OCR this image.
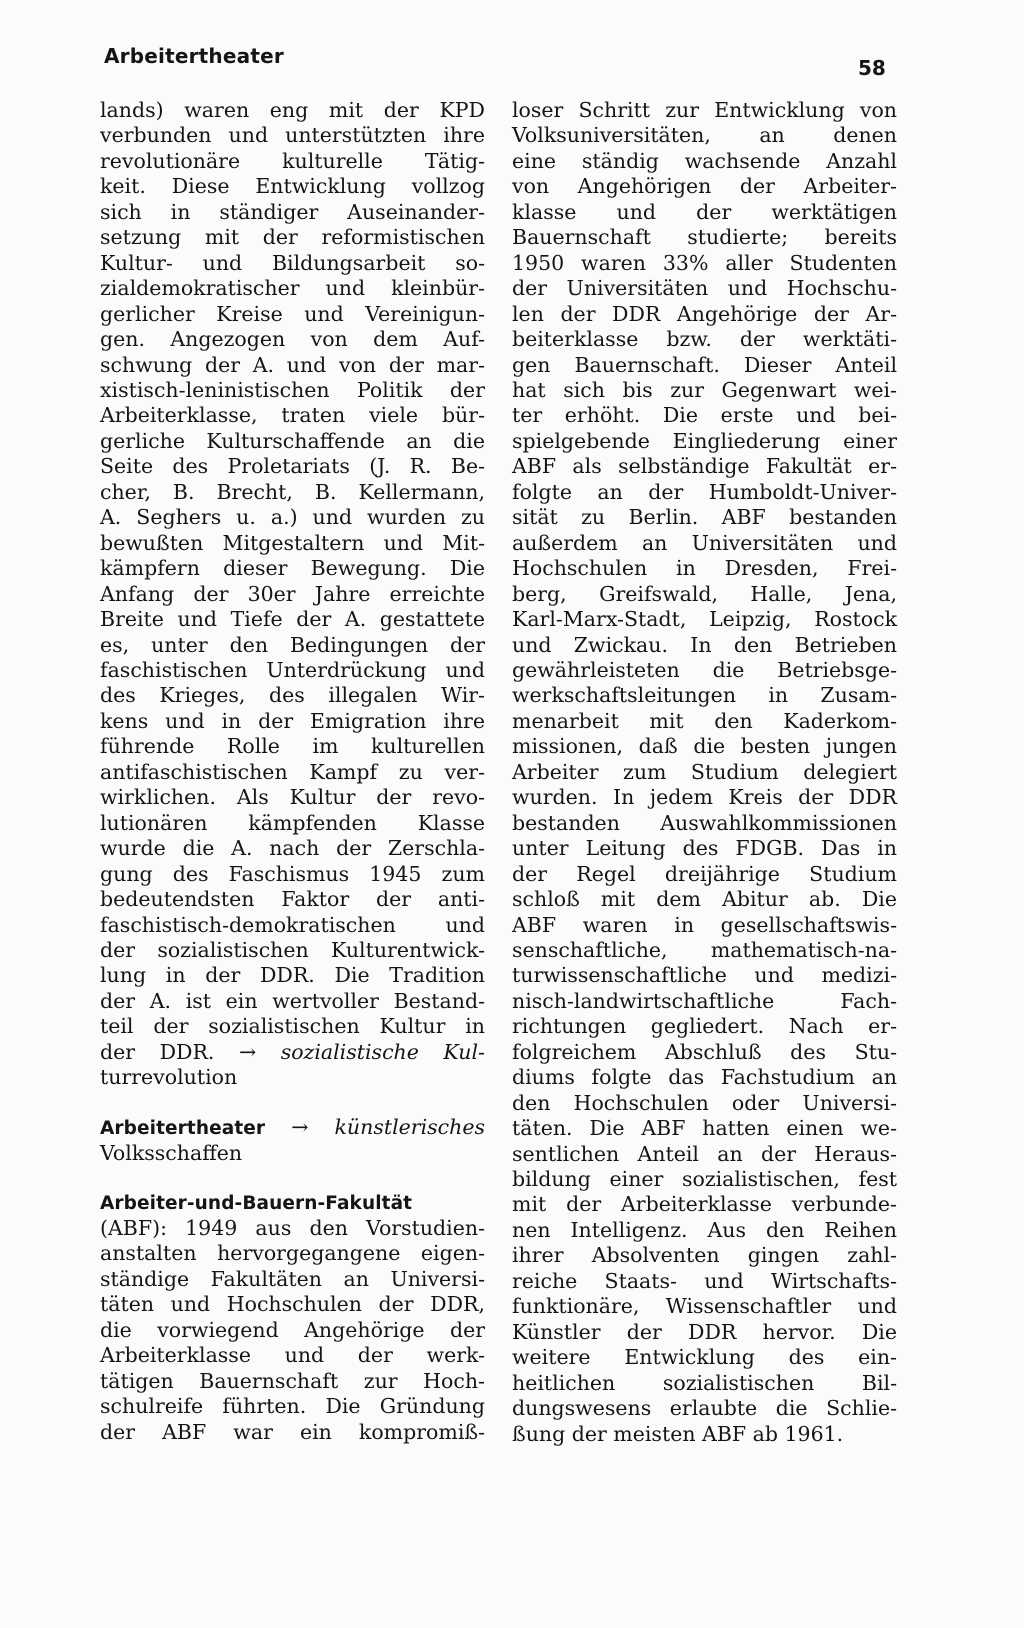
Arbeitertheater	58
lands) waren eng mit der KPD
verbunden und unterstützten ihre
revolutionäre kulturelle Tätig-
keit. Diese Entwicklung vollzog
sich in ständiger Auseinander-
setzung mit der reformistischen
Kultur- und Bildungsarbeit so-
zialdemokratischer und kleinbür-
gerlicher Kreise und Vereinigun-
gen. Angezogen von dem Auf-
schwung der A. und von der mar-
xistisch-leninistischen Politik der
Arbeiterklasse, traten viele bür-
gerliche Kulturschaffende an die
Seite des Proletariats (J. R. Be-
cher, B. Brecht, B. Kellermann,
A. Seghers u. a.) und wurden zu
bewußten Mitgestaltern und Mit-
kämpfern dieser Bewegung. Die
Anfang der 30er Jahre erreichte
Breite und Tiefe der A. gestattete
es, unter den Bedingungen der
faschistischen Unterdrückung und
des Krieges, des illegalen Wir-
kens und in der Emigration ihre
führende Rolle im kulturellen
antifaschistischen Kampf zu ver-
wirklichen. Als Kultur der revo-
lutionären kämpfenden Klasse
wurde die A. nach der Zerschla-
gung des Faschismus 1945 zum
bedeutendsten Faktor der anti-
faschistisch-demokratischen und
der sozialistischen Kulturentwick-
lung in der DDR. Die Tradition
der A. ist ein wertvoller Bestand-
teil der sozialistischen Kultur in
der DDR. → sozialistische Kul-
turrevolution
Arbeitertheater → künstlerisches
Volksschaffen
Arbeiter-und-Bauern-Fakultät
(ABF): 1949 aus den Vorstudien-
anstalten hervorgegangene eigen-
ständige Fakultäten an Universi-
täten und Hochschulen der DDR,
die vorwiegend Angehörige der
Arbeiterklasse und der werk-
tätigen Bauernschaft zur Hoch-
schulreife führten. Die Gründung
der ABF war ein kompromiß-
loser Schritt zur Entwicklung von
Volksuniversitäten, an denen
eine ständig wachsende Anzahl
von Angehörigen der Arbeiter-
klasse und der werktätigen
Bauernschaft studierte; bereits
1950 waren 33% aller Studenten
der Universitäten und Hochschu-
len der DDR Angehörige der Ar-
beiterklasse bzw. der werktäti-
gen Bauernschaft. Dieser Anteil
hat sich bis zur Gegenwart wei-
ter erhöht. Die erste und bei-
spielgebende Eingliederung einer
ABF als selbständige Fakultät er-
folgte an der Humboldt-Univer-
sität zu Berlin. ABF bestanden
außerdem an Universitäten und
Hochschulen in Dresden, Frei-
berg, Greifswald, Halle, Jena,
Karl-Marx-Stadt, Leipzig, Rostock
und Zwickau. In den Betrieben
gewährleisteten die Betriebsge-
werkschaftsleitungen in Zusam-
menarbeit mit den Kaderkom-
missionen, daß die besten jungen
Arbeiter zum Studium delegiert
wurden. In jedem Kreis der DDR
bestanden Auswahlkommissionen
unter Leitung des FDGB. Das in
der Regel dreijährige Studium
schloß mit dem Abitur ab. Die
ABF waren in gesellschaftswis-
senschaftliche, mathematisch-na-
turwissenschaftliche und medizi-
nisch-landwirtschaftliche Fach-
richtungen gegliedert. Nach er-
folgreichem Abschluß des Stu-
diums folgte das Fachstudium an
den Hochschulen oder Universi-
täten. Die ABF hatten einen we-
sentlichen Anteil an der Heraus-
bildung einer sozialistischen, fest
mit der Arbeiterklasse verbunde-
nen Intelligenz. Aus den Reihen
ihrer Absolventen gingen zahl-
reiche Staats- und Wirtschafts-
funktionäre, Wissenschaftler und
Künstler der DDR hervor. Die
weitere Entwicklung des ein-
heitlichen sozialistischen Bil-
dungswesens erlaubte die Schlie-
ßung der meisten ABF ab 1961.
